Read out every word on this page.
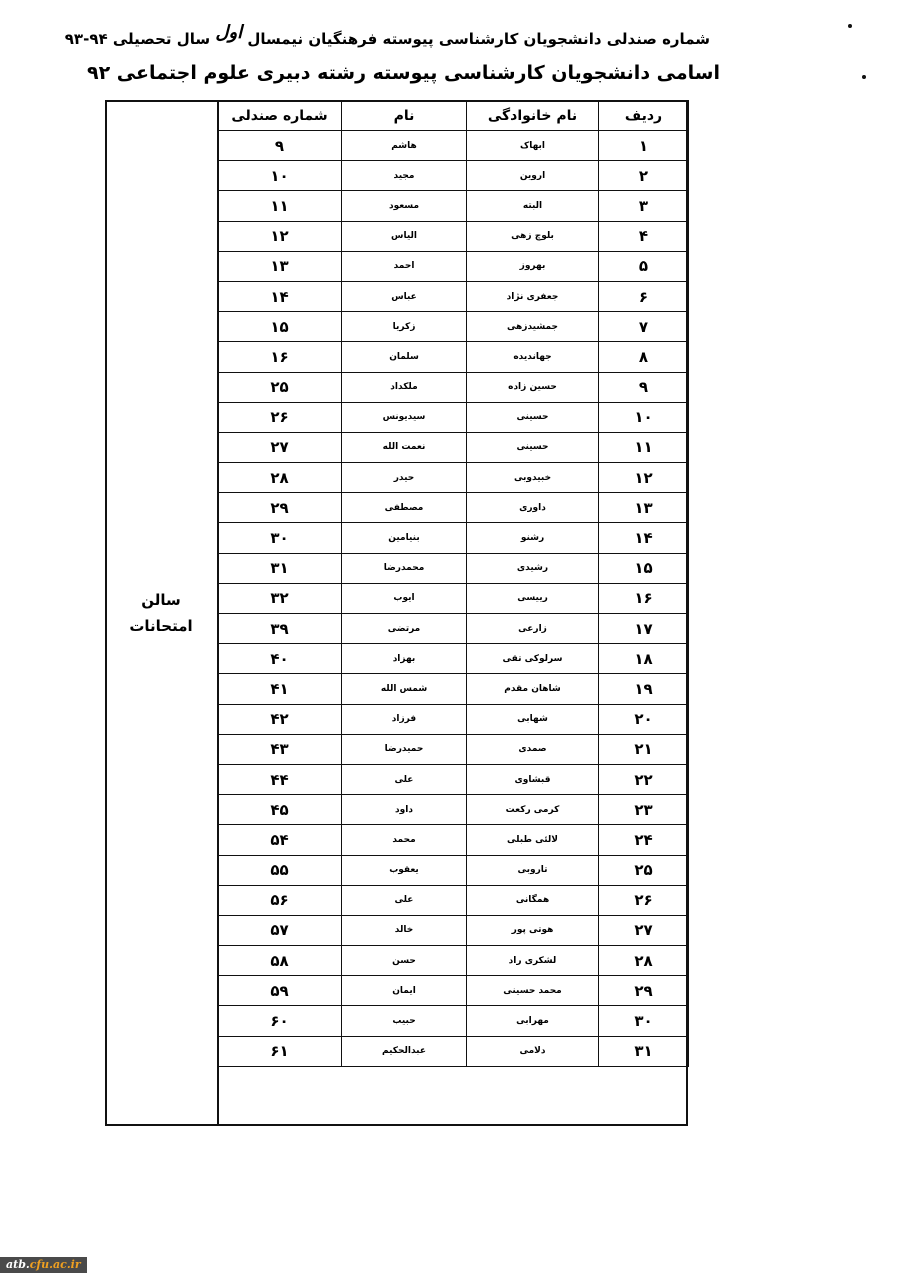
شماره صندلی دانشجویان کارشناسی پیوسته فرهنگیان نیمسال اول سال تحصیلی ۹۴-۹۳
اسامی دانشجویان کارشناسی پیوسته رشته دبیری علوم اجتماعی ۹۲
سالن
امتحانات
ردیف	نام خانوادگی	نام	شماره صندلی
۱	ابهاک	هاشم	۹
۲	اروین	مجید	۱۰
۳	البته	مسعود	۱۱
۴	بلوچ زهی	الیاس	۱۲
۵	بهروز	احمد	۱۳
۶	جعفری نژاد	عباس	۱۴
۷	جمشیدزهی	زکریا	۱۵
۸	جهاندیده	سلمان	۱۶
۹	حسین زاده	ملکداد	۲۵
۱۰	حسینی	سیدیونس	۲۶
۱۱	حسینی	نعمت الله	۲۷
۱۲	خبیدوبی	حیدر	۲۸
۱۳	داوری	مصطفی	۲۹
۱۴	رشنو	بنیامین	۳۰
۱۵	رشیدی	محمدرضا	۳۱
۱۶	رییسی	ایوب	۳۲
۱۷	زارعی	مرتضی	۳۹
۱۸	سرلوکی تقی	بهزاد	۴۰
۱۹	شاهان مقدم	شمس الله	۴۱
۲۰	شهابی	فرزاد	۴۲
۲۱	صمدی	حمیدرضا	۴۳
۲۲	قبشاوی	علی	۴۴
۲۳	کرمی رکعت	داود	۴۵
۲۴	لالئی طبلی	محمد	۵۴
۲۵	تاروبی	یعقوب	۵۵
۲۶	همگانی	علی	۵۶
۲۷	هوتی پور	خالد	۵۷
۲۸	لشکری راد	حسن	۵۸
۲۹	محمد حسینی	ایمان	۵۹
۳۰	مهرابی	حبیب	۶۰
۳۱	دلامی	عبدالحکیم	۶۱
atb.cfu.ac.ir
